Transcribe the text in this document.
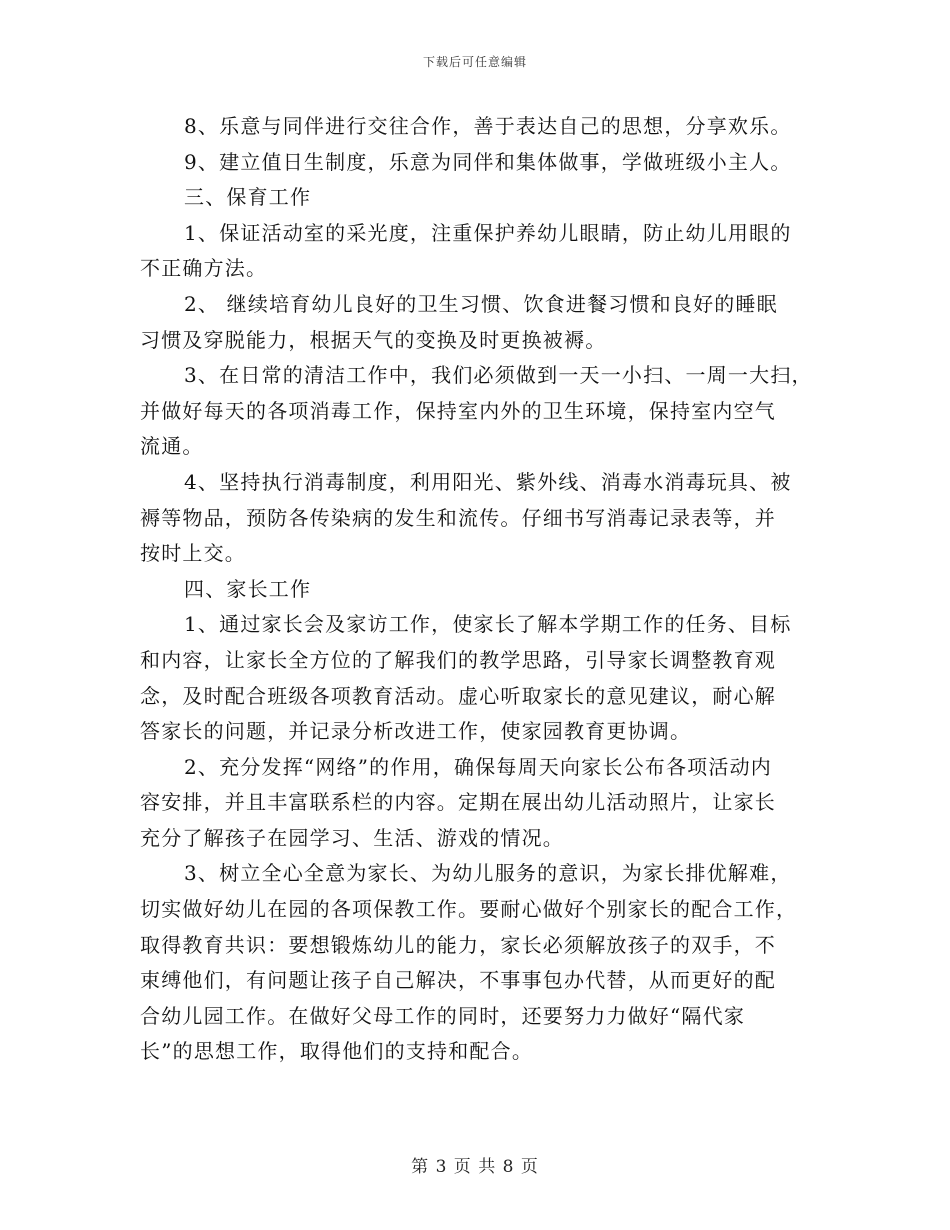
下载后可任意编辑
8、乐意与同伴进行交往合作，善于表达自己的思想，分享欢乐。
9、建立值日生制度，乐意为同伴和集体做事，学做班级小主人。
三、保育工作
1、保证活动室的采光度，注重保护养幼儿眼睛，防止幼儿用眼的
不正确方法。
2、 继续培育幼儿良好的卫生习惯、饮食进餐习惯和良好的睡眠
习惯及穿脱能力，根据天气的变换及时更换被褥。
3、在日常的清洁工作中，我们必须做到一天一小扫、一周一大扫，
并做好每天的各项消毒工作，保持室内外的卫生环境，保持室内空气
流通。
4、坚持执行消毒制度，利用阳光、紫外线、消毒水消毒玩具、被
褥等物品，预防各传染病的发生和流传。仔细书写消毒记录表等，并
按时上交。
四、家长工作
1、通过家长会及家访工作，使家长了解本学期工作的任务、目标
和内容，让家长全方位的了解我们的教学思路，引导家长调整教育观
念，及时配合班级各项教育活动。虚心听取家长的意见建议，耐心解
答家长的问题，并记录分析改进工作，使家园教育更协调。
2、充分发挥“网络”的作用，确保每周天向家长公布各项活动内
容安排，并且丰富联系栏的内容。定期在展出幼儿活动照片，让家长
充分了解孩子在园学习、生活、游戏的情况。
3、树立全心全意为家长、为幼儿服务的意识，为家长排优解难，
切实做好幼儿在园的各项保教工作。要耐心做好个别家长的配合工作，
取得教育共识：要想锻炼幼儿的能力，家长必须解放孩子的双手，不
束缚他们，有问题让孩子自己解决，不事事包办代替，从而更好的配
合幼儿园工作。在做好父母工作的同时，还要努力力做好“隔代家
长”的思想工作，取得他们的支持和配合。
第 3 页 共 8 页
